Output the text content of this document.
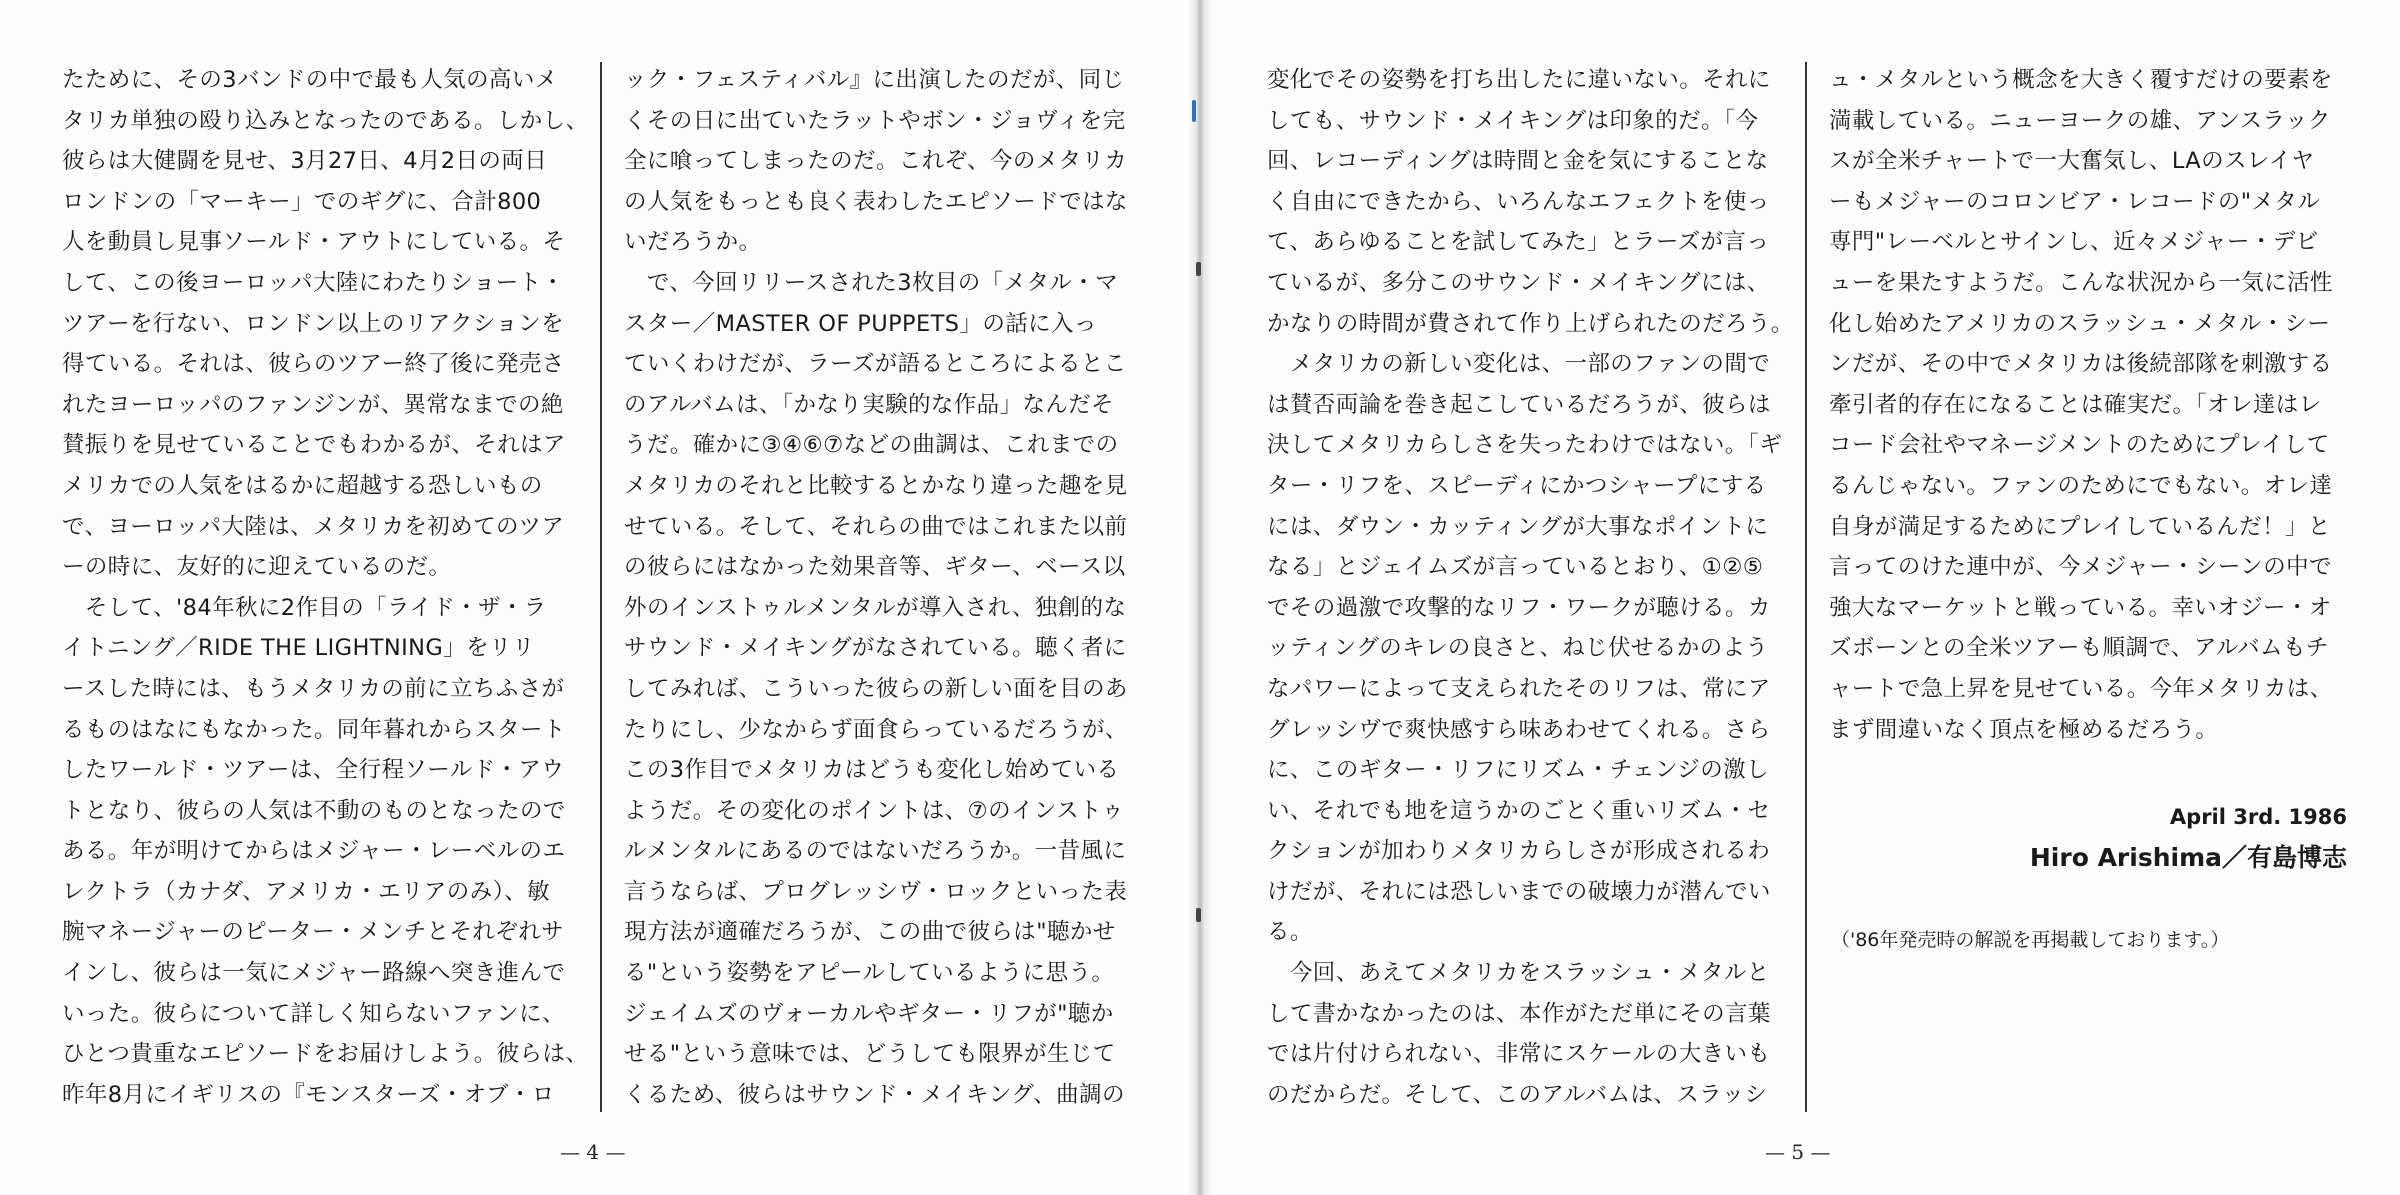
たために、その3バンドの中で最も人気の高いメ

タリカ単独の殴り込みとなったのである。しかし、

彼らは大健闘を見せ、3月27日、4月2日の両日

ロンドンの「マーキー」でのギグに、合計800

人を動員し見事ソールド・アウトにしている。そ

して、この後ヨーロッパ大陸にわたりショート・

ツアーを行ない、ロンドン以上のリアクションを

得ている。それは、彼らのツアー終了後に発売さ

れたヨーロッパのファンジンが、異常なまでの絶

賛振りを見せていることでもわかるが、それはア

メリカでの人気をはるかに超越する恐しいもの

で、ヨーロッパ大陸は、メタリカを初めてのツア

ーの時に、友好的に迎えているのだ。

　そして、'84年秋に2作目の「ライド・ザ・ラ

イトニング／RIDE THE LIGHTNING」をリリ

ースした時には、もうメタリカの前に立ちふさが

るものはなにもなかった。同年暮れからスタート

したワールド・ツアーは、全行程ソールド・アウ

トとなり、彼らの人気は不動のものとなったので

ある。年が明けてからはメジャー・レーベルのエ

レクトラ（カナダ、アメリカ・エリアのみ）、敏

腕マネージャーのピーター・メンチとそれぞれサ

インし、彼らは一気にメジャー路線へ突き進んで

いった。彼らについて詳しく知らないファンに、

ひとつ貴重なエピソードをお届けしよう。彼らは、

昨年8月にイギリスの『モンスターズ・オブ・ロ

ック・フェスティバル』に出演したのだが、同じ

くその日に出ていたラットやボン・ジョヴィを完

全に喰ってしまったのだ。これぞ、今のメタリカ

の人気をもっとも良く表わしたエピソードではな

いだろうか。

　で、今回リリースされた3枚目の「メタル・マ

スター／MASTER OF PUPPETS」の話に入っ

ていくわけだが、ラーズが語るところによるとこ

のアルバムは、「かなり実験的な作品」なんだそ

うだ。確かに③④⑥⑦などの曲調は、これまでの

メタリカのそれと比較するとかなり違った趣を見

せている。そして、それらの曲ではこれまた以前

の彼らにはなかった効果音等、ギター、ベース以

外のインストゥルメンタルが導入され、独創的な

サウンド・メイキングがなされている。聴く者に

してみれば、こういった彼らの新しい面を目のあ

たりにし、少なからず面食らっているだろうが、

この3作目でメタリカはどうも変化し始めている

ようだ。その変化のポイントは、⑦のインストゥ

ルメンタルにあるのではないだろうか。一昔風に

言うならば、プログレッシヴ・ロックといった表

現方法が適確だろうが、この曲で彼らは"聴かせ

る"という姿勢をアピールしているように思う。

ジェイムズのヴォーカルやギター・リフが"聴か

せる"という意味では、どうしても限界が生じて

くるため、彼らはサウンド・メイキング、曲調の

— 4 —

変化でその姿勢を打ち出したに違いない。それに

しても、サウンド・メイキングは印象的だ。「今

回、レコーディングは時間と金を気にすることな

く自由にできたから、いろんなエフェクトを使っ

て、あらゆることを試してみた」とラーズが言っ

ているが、多分このサウンド・メイキングには、

かなりの時間が費されて作り上げられたのだろう。

　メタリカの新しい変化は、一部のファンの間で

は賛否両論を巻き起こしているだろうが、彼らは

決してメタリカらしさを失ったわけではない。「ギ

ター・リフを、スピーディにかつシャープにする

には、ダウン・カッティングが大事なポイントに

なる」とジェイムズが言っているとおり、①②⑤

でその過激で攻撃的なリフ・ワークが聴ける。カ

ッティングのキレの良さと、ねじ伏せるかのよう

なパワーによって支えられたそのリフは、常にア

グレッシヴで爽快感すら味あわせてくれる。さら

に、このギター・リフにリズム・チェンジの激し

い、それでも地を這うかのごとく重いリズム・セ

クションが加わりメタリカらしさが形成されるわ

けだが、それには恐しいまでの破壊力が潜んでい

る。

　今回、あえてメタリカをスラッシュ・メタルと

して書かなかったのは、本作がただ単にその言葉

では片付けられない、非常にスケールの大きいも

のだからだ。そして、このアルバムは、スラッシ

ュ・メタルという概念を大きく覆すだけの要素を

満載している。ニューヨークの雄、アンスラック

スが全米チャートで一大奮気し、LAのスレイヤ

ーもメジャーのコロンビア・レコードの"メタル

専門"レーベルとサインし、近々メジャー・デビ

ューを果たすようだ。こんな状況から一気に活性

化し始めたアメリカのスラッシュ・メタル・シー

ンだが、その中でメタリカは後続部隊を刺激する

牽引者的存在になることは確実だ。「オレ達はレ

コード会社やマネージメントのためにプレイして

るんじゃない。ファンのためにでもない。オレ達

自身が満足するためにプレイしているんだ！」と

言ってのけた連中が、今メジャー・シーンの中で

強大なマーケットと戦っている。幸いオジー・オ

ズボーンとの全米ツアーも順調で、アルバムもチ

ャートで急上昇を見せている。今年メタリカは、

まず間違いなく頂点を極めるだろう。

April 3rd. 1986
Hiro Arishima／有島博志
（'86年発売時の解説を再掲載しております。）
— 5 —
